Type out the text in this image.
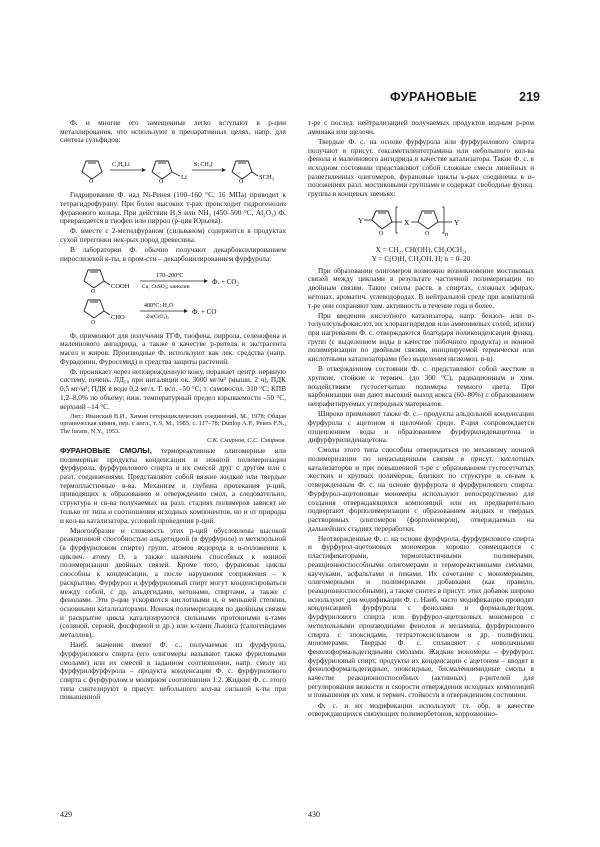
ФУРАНОВЫЕ	219

Ф. и многие его замещенные легко вступают в р-ции металлирования, что используют в препаративных целях, напр. для синтеза сульфидов:

O
C₄H₉Li
O
Li
S; CH₃I
O
SCH₃

Гидрирование Ф. над Ni-Ренея (100–160 °С, 16 МПа) приводит к тетрагидрофурану. При более высоких т-рах происходит гидрогенолиз фуранового кольца. При действии H₂S или NH₃ (450–500 °С, Al₂O₃) Ф. превращается в тиофен или пиррол (р-ция Юрьева).

Ф. вместе с 2-метилфураном (сильваном) содержится в продуктах сухой перегонки нек-рых пород древесины.

В лаборатории Ф. обычно получают декарбоксилированием пирослизевой к-ты, в пром-сти – декарбонилированием фурфурола:

O
COOH
170–200°С
Cu; CuSO₄; хинолин
Ф. + CO₂
O
CHO
400°С; H₂O
Zn(CrO₄)₂
Ф. + CO

Ф. применяют для получения ТГФ, тиофена, пиррола, селенофена и малеинового ангидрида, а также в качестве р-рителя и экстрагента масел и жиров. Производные Ф. используют как лек. средства (напр. Фурадонин, Фуросемид) и средства защиты растений.

Ф. проникает через неповрежденную кожу, поражает центр. нервную систему, печень. ЛД₅₀ при ингаляции ок. 3000 мг/м³ (мыши, 2 ч), ПДК 0,5 мг/м³; ПДК в воде 0,2 мг/л. Т. всп. –50 °С; т. самовоспл. 310 °С; КПВ 1,2–8,0% по объему; ниж. температурный предел взрываемости –50 °С, верхний –14 °С.

Лит.: Иванский В.И., Химия гетероциклических соединений, М., 1978; Общая органическая химия, пер. с англ., т. 9, М., 1985, с. 117–78; Dunlop A.P., Peters F.N., The furans, N.Y., 1953.

С.К. Смирнов, С.С. Смирнов.

ФУРАНОВЫЕ СМОЛЫ, термореактивные олигомерные или полимерные продукты конденсации и ионной полимеризации фурфурола, фурфурилового спирта и их смесей друг с другом или с разл. соединениями. Представляют собой вязкие жидкие или твердые термопластичные в-ва. Механизм и глубина протекания р-ций, приводящих к образованию и отверждению смол, а следовательно, структура и св-ва получаемых на разл. стадиях полимеров зависят не только от типа и соотношения исходных компонентов, но и от природы и кол-ва катализатора, условий проведения р-ций.

Многообразие и сложность этих р-ций обусловлены высокой реакционной способностью альдегидной (в фурфуроле) и метилольной (в фурфуриловом спирте) групп, атомов водорода в α-положении к циклич. атому О, а также наличием способных к ионной полимеризации двойных связей. Кроме того, фурановые циклы способны к конденсации, а после нарушения сопряжения – к раскрытию. Фурфурол и фурфуриловый спирт могут конденсироваться между собой, с др. альдегидами, кетонами, спиртами, а также с фенолами. Эти р-ции ускоряются кислотными и, в меньшей степени, основными катализаторами. Ионная полимеризация по двойным связям и раскрытие цикла катализируются сильными протонными к-тами (соляной, серной, фосфорной и др.) или к-тами Льюиса (галогенидами металлов).

Наиб. значение имеют Ф. с., получаемые из фурфурола, фурфурилового спирта (его олигомеры называют также фуриловыми смолами) или их смесей в заданном соотношении, напр. смолу из фурфурилфурфурола – продукта конденсации Ф. с. фурфурилового спирта с фурфуролом в молярном соотношении 1:2. Жидкие Ф. с. этого типа синтезируют в присут. небольшого кол-ва сильной к-ты при повышенной

т-ре с послед. нейтрализацией получаемых продуктов водным р-ром аммиака или щелочи.

Твердые Ф. с. на основе фурфурола или фурфурилового спирта получают в присут. гексаметилентетрамина или небольшого кол-ва фенола и малеинового ангидрида в качестве катализатора. Такие Ф. с. в исходном состоянии представляют собой сложные смеси линейных и разветвленных олигомеров, фурановые циклы к-рых соединены в α-положениях разл. мостиковыми группами и содержат свободные функц. группы в концевых звеньях:

Y
O
X
O	n
Y
X = CH₂, CH(OH), CH₂OCH₂,
Y = C(O)H, CH₂OH, H; n = 0–20

При образовании олигомеров возможно возникновение мостиковых связей между циклами в результате частичной полимеризации по двойным связям. Такие смолы раств. в спиртах, сложных эфирах, кетонах, ароматич. углеводородах. В нейтральной среде при комнатной т-ре они сохраняют хим. активность в течение года и более.

При введении кислотного катализатора, напр. бензол- или п-толуолсульфокислот, их хлорангидридов или аммониевых солей, и(или) при нагревании Ф. с. отверждаются благодаря поликонденсации функц. групп (с выделением воды в качестве побочного продукта) и ионной полимеризации по двойным связям, инициируемой термически или кислотными катализаторами (без выделения низкомол. в-в).

В отвержденном состоянии Ф. с. представляют собой жесткие и хрупкие, стойкие к термич. (до 300 °С), радиационным и хим. воздействиям густосетчатые полимеры темного цвета. При карбонизации они дают высокий выход кокса (60–80%) с образованием непрафитируемых углеродных материалов.

Широко применяют также Ф. с.– продукты альдольной конденсации фурфурола с ацетоном в щелочной среде. Р-ция сопровождается отщеплением воды и образованием фурфурилиденацетона и дифурфурилиденацетона.

Смолы этого типа способны отверждаться по механизму ионной полимеризации по ненасыщенным связям в присут. кислотных катализаторов и при повышенной т-ре с образованием густосетчатых жестких и хрупких полимеров, близких по структуре и св-вам к отвержденным Ф. с. на основе фурфурола и фурфурилового спирта. Фурфурол-ацетоновые мономеры используют непосредственно для создания отверждающихся композиций или их предварительно подвергают форполимеризации с образованием жидких и твердых растворимых олигомеров (форполимеров), отверждаемых на дальнейших стадиях переработки.

Неотвержденные Ф. с. на основе фурфурола, фурфурилового спирта и фурфурол-ацетоновых мономеров хорошо совмещаются с пластификаторами, термопластичными полимерами, реакционноспособными олигомерами и термореактивными смолами, каучуками, асфальтами и пеками. Их сочетание с мономерными, олигомерными и полимерными добавками (как правило, реакционноспособными), а также синтез в присут. этих добавок широко используют для модификации Ф. с. Наиб. часто модификацию проводят конденсацией фурфурола с фенолами и формальдегидом, фурфурилового спирта или фурфурол-ацетоновых мономеров с метилольными производными фенолов и меламина, фурфурилового спирта с эпоксидами, тетраэтоксисиланом и др. полифункц. мономерами. Твердые Ф. с. сплавляют с новолачными фенолоформальдегидными смолами. Жидкие мономеры – фурфурол, фурфуриловый спирт, продукты их конденсации с ацетоном – вводят в фенолоформальдегидные, эпоксидные, бисмалеинимидные смолы в качестве реакционноспособных (активных) р-рителей для регулирования вязкости и скорости отверждения исходных композиций и повышения их хим. и термич. стойкости в отвержденном состоянии.

Ф. с. и их модификации используют гл. обр. в качестве отверждающихся связующих полимербетонов, коррозионно-

429	430
